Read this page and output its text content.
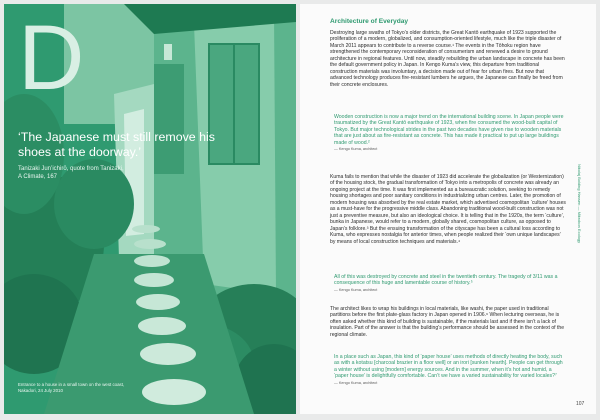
D
‘The Japanese must still remove his shoes at the doorway.’
Tanizaki Jun’ichirō, quote from Tanizaki,
A Climate, 167
Entrance to a house in a small town on the west coast,
Nakadori, 24 July 2010
Architecture of Everyday

Destroying large swaths of Tokyo’s older districts, the Great Kantō earthquake of 1923 supported the proliferation of a modern, globalized, and consumption-oriented lifestyle, much like the triple disaster of March 2011 appears to contribute to a reverse course.¹ The events in the Tōhoku region have strengthened the contemporary reconsideration of consumerism and renewed a desire to ground architecture in regional features. Until now, steadily rebuilding the urban landscape in concrete has been the default government policy in Japan. In Kengo Kuma’s view, this departure from traditional construction materials was involuntary, a decision made out of fear for urban fires. But now that advanced technology produces fire-resistant lumbers he argues, the Japanese can finally be freed from their concrete enclosures.

Wooden construction is now a major trend on the international building scene. In Japan people were traumatized by the Great Kantō earthquake of 1923, when fire consumed the wood-built capital of Tokyo. But major technological strides in the past two decades have given rise to wooden materials that are just about as fire-resistant as concrete. This has made it practical to put up large buildings made of wood.²
— Kengo Kuma, architect

Kuma fails to mention that while the disaster of 1923 did accelerate the globalization (or Westernization) of the housing stock, the gradual transformation of Tokyo into a metropolis of concrete was already an ongoing project at the time. It was first implemented as a bureaucratic solution, seeking to remedy housing shortages and poor sanitary conditions in industrializing urban centres. Later, the promotion of modern housing was absorbed by the real estate market, which advertised cosmopolitan ‘culture’ houses as a must-have for the progressive middle class. Abandoning traditional wood-built construction was not just a preventive measure, but also an ideological choice. It is telling that in the 1920s, the term ‘culture’, bunka in Japanese, would refer to a modern, globally shared, cosmopolitan culture, as opposed to Japan’s folklore.³ But the ensuing transformation of the cityscape has been a cultural loss according to Kuma, who expresses nostalgia for anterior times, when people realized their ‘own unique landscapes’ by means of local construction techniques and materials.⁴

All of this was destroyed by concrete and steel in the twentieth century. The tragedy of 3/11 was a consequence of this huge and lamentable course of history.⁵
— Kengo Kuma, architect

The architect likes to wrap his buildings in local materials, like washi, the paper used in traditional partitions before the first plate-glass factory in Japan opened in 1906.⁶ When lecturing overseas, he is often asked whether this kind of building is sustainable, if the materials last and if there isn’t a lack of insulation. Part of the answer is that the building’s performance should be assessed in the context of the regional climate.

In a place such as Japan, this kind of ‘paper house’ uses methods of directly heating the body, such as with a kotatsu [charcoal brazier in a floor well] or an irori [sunken hearth]. People can get through a winter without using [modern] energy sources. And in the summer, when it’s hot and humid, a ‘paper house’ is delightfully comfortable. Can’t we have a varied sustainability for varied locales?⁷
— Kengo Kuma, architect
Nikolaj Bolding Hansen — Mikrokon Ecology
107
